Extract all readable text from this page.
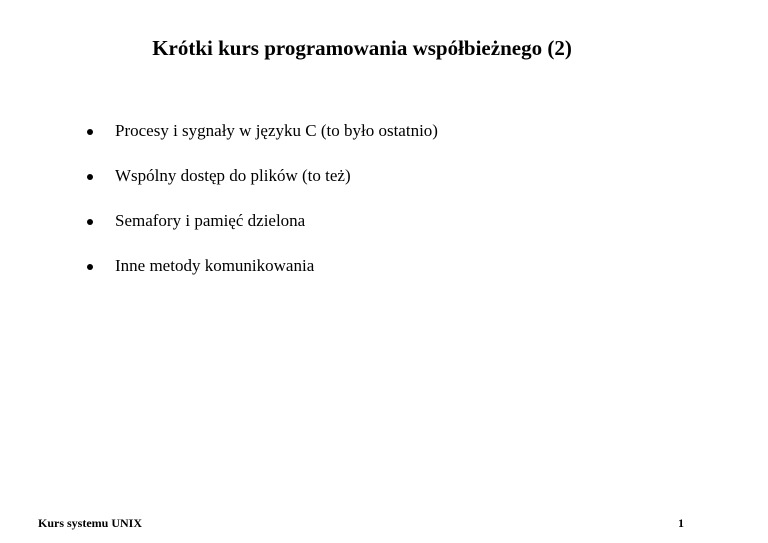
Krótki kurs programowania współbieżnego (2)
Procesy i sygnały w języku C (to było ostatnio)
Wspólny dostęp do plików (to też)
Semafory i pamięć dzielona
Inne metody komunikowania
Kurs systemu UNIX	1
